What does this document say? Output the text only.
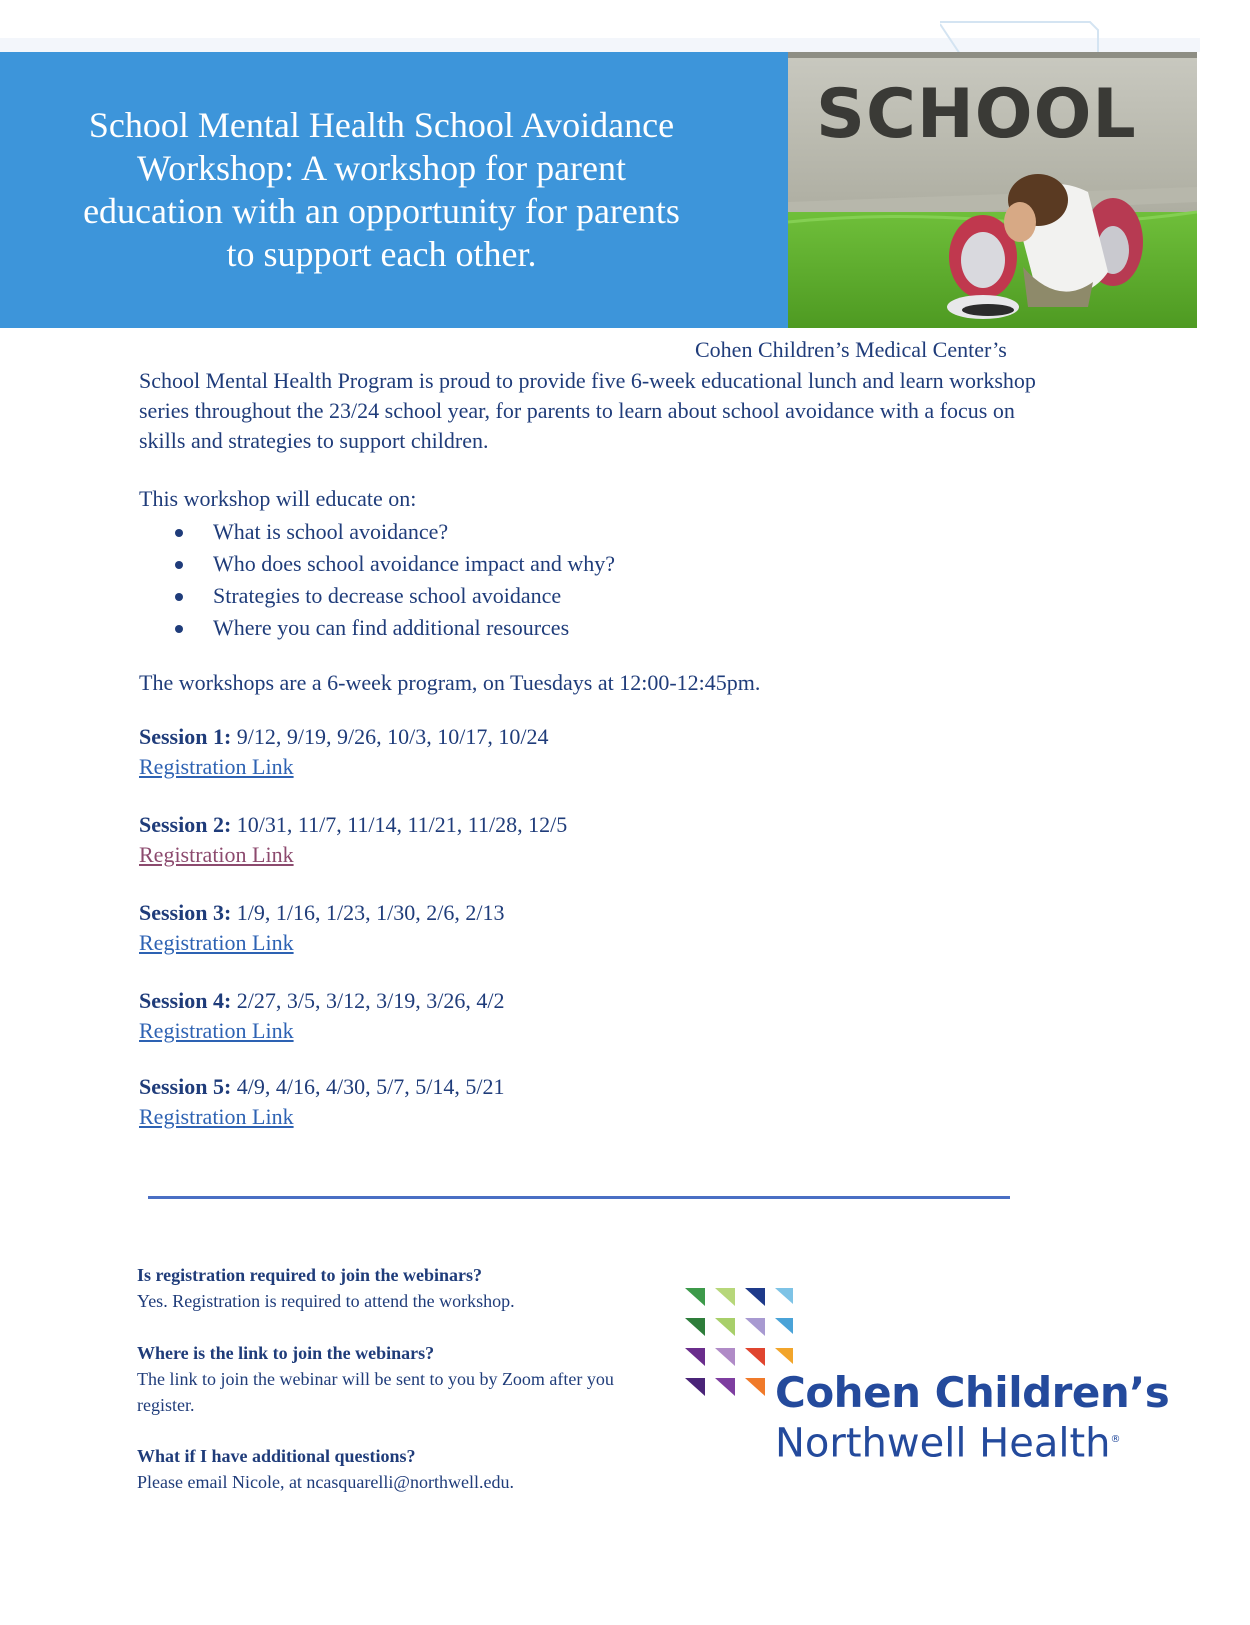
School Mental Health School Avoidance Workshop: A workshop for parent education with an opportunity for parents to support each other.
SCHOOL
Cohen Children’s Medical Center’s
School Mental Health Program is proud to provide five 6-week educational lunch and learn workshop series throughout the 23/24 school year, for parents to learn about school avoidance with a focus on skills and strategies to support children.
This workshop will educate on:
What is school avoidance?
Who does school avoidance impact and why?
Strategies to decrease school avoidance
Where you can find additional resources
The workshops are a 6-week program, on Tuesdays at 12:00-12:45pm.
Session 1: 9/12, 9/19, 9/26, 10/3, 10/17, 10/24
Registration Link
Session 2: 10/31, 11/7, 11/14, 11/21, 11/28, 12/5
Registration Link
Session 3: 1/9, 1/16, 1/23, 1/30, 2/6, 2/13
Registration Link
Session 4: 2/27, 3/5, 3/12, 3/19, 3/26, 4/2
Registration Link
Session 5: 4/9, 4/16, 4/30, 5/7, 5/14, 5/21
Registration Link
Is registration required to join the webinars?
Yes. Registration is required to attend the workshop.
Where is the link to join the webinars?
The link to join the webinar will be sent to you by Zoom after you register.
What if I have additional questions?
Please email Nicole, at ncasquarelli@northwell.edu.
Cohen Children’s
Northwell Health®
